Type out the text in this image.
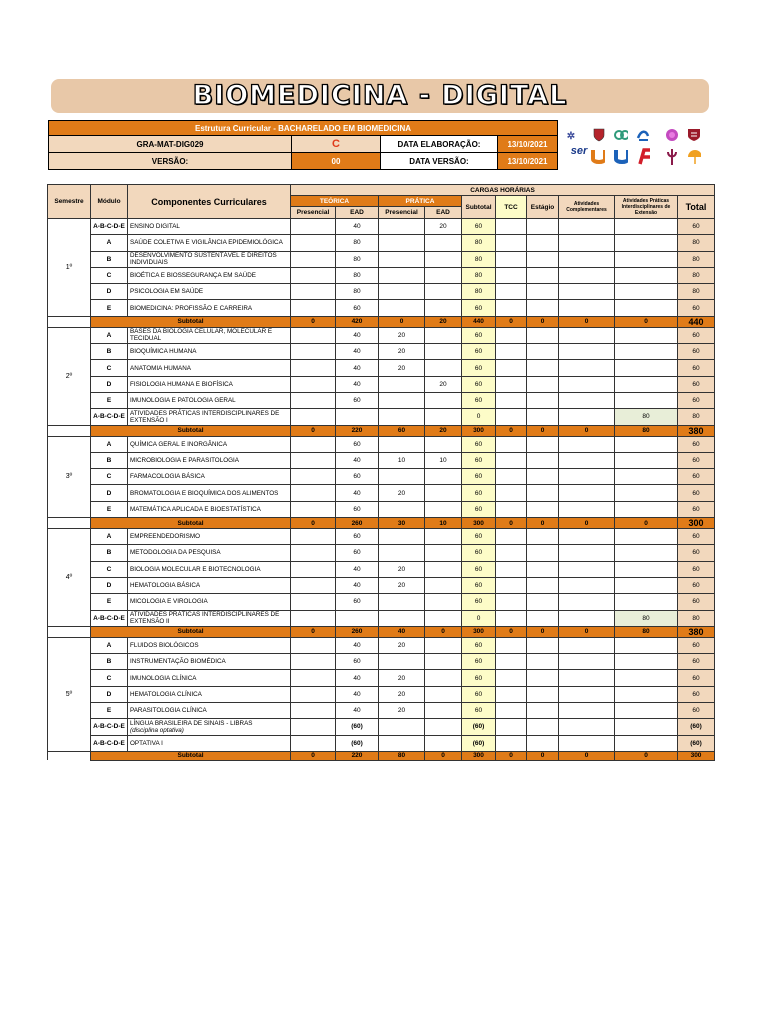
BIOMEDICINA - DIGITAL
Estrutura Curricular - BACHARELADO EM BIOMEDICINA			
GRA-MAT-DIG029	C	DATA ELABORAÇÃO:	13/10/2021
VERSÃO:	00	DATA VERSÃO:	13/10/2021
✲
ser
Semestre	Módulo	Componentes Curriculares	CARGAS HORÁRIAS									
			TEÓRICA		PRÁTICA		Subtotal	TCC	Estágio	Atividades Complementares	Atividades Práticas Interdisciplinares de Extensão	Total
			Presencial	EAD	Presencial	EAD						
1º	A-B-C-D-E	ENSINO DIGITAL		40		20	60					60
	A	SAÚDE COLETIVA E VIGILÂNCIA EPIDEMIOLÓGICA		80			80					80
	B	DESENVOLVIMENTO SUSTENTÁVEL E DIREITOS INDIVIDUAIS		80			80					80
	C	BIOÉTICA E BIOSSEGURANÇA EM SAÚDE		80			80					80
	D	PSICOLOGIA EM SAÚDE		80			80					80
	E	BIOMEDICINA: PROFISSÃO E CARREIRA		60			60					60
	Subtotal		0	420	0	20	440	0	0	0	0	440
2º	A	BASES DA BIOLOGIA CELULAR, MOLECULAR E TECIDUAL		40	20		60					60
	B	BIOQUÍMICA HUMANA		40	20		60					60
	C	ANATOMIA HUMANA		40	20		60					60
	D	FISIOLOGIA HUMANA E BIOFÍSICA		40		20	60					60
	E	IMUNOLOGIA E PATOLOGIA GERAL		60			60					60
	A-B-C-D-E	ATIVIDADES PRÁTICAS INTERDISCIPLINARES DE EXTENSÃO I					0				80	80
	Subtotal		0	220	60	20	300	0	0	0	80	380
3º	A	QUÍMICA GERAL E INORGÂNICA		60			60					60
	B	MICROBIOLOGIA E PARASITOLOGIA		40	10	10	60					60
	C	FARMACOLOGIA BÁSICA		60			60					60
	D	BROMATOLOGIA E BIOQUÍMICA DOS ALIMENTOS		40	20		60					60
	E	MATEMÁTICA APLICADA E BIOESTATÍSTICA		60			60					60
	Subtotal		0	260	30	10	300	0	0	0	0	300
4º	A	EMPREENDEDORISMO		60			60					60
	B	METODOLOGIA DA PESQUISA		60			60					60
	C	BIOLOGIA MOLECULAR E BIOTECNOLOGIA		40	20		60					60
	D	HEMATOLOGIA BÁSICA		40	20		60					60
	E	MICOLOGIA E VIROLOGIA		60			60					60
	A-B-C-D-E	ATIVIDADES PRÁTICAS INTERDISCIPLINARES DE EXTENSÃO II					0				80	80
	Subtotal		0	260	40	0	300	0	0	0	80	380
5º	A	FLUIDOS BIOLÓGICOS		40	20		60					60
	B	INSTRUMENTAÇÃO BIOMÉDICA		60			60					60
	C	IMUNOLOGIA CLÍNICA		40	20		60					60
	D	HEMATOLOGIA CLÍNICA		40	20		60					60
	E	PARASITOLOGIA CLÍNICA		40	20		60					60
	A-B-C-D-E	LÍNGUA BRASILEIRA DE SINAIS - LIBRAS
(disciplina optativa)		(60)			(60)					(60)
	A-B-C-D-E	OPTATIVA I		(60)			(60)					(60)
	Subtotal		0	220	80	0	300	0	0	0	0	300
